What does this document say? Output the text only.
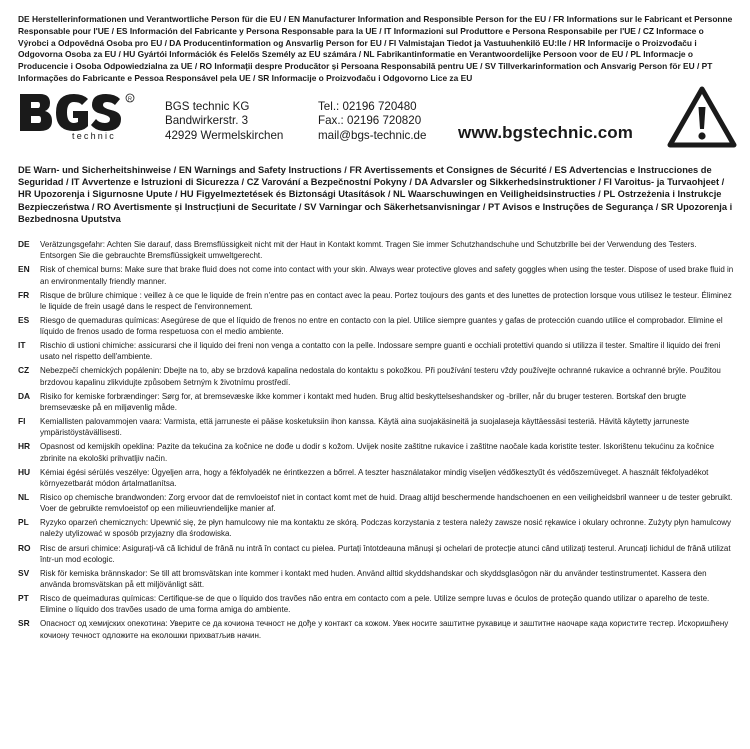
DE Herstellerinformationen und Verantwortliche Person für die EU / EN Manufacturer Information and Responsible Person for the EU / FR Informations sur le Fabricant et Personne Responsable pour l'UE / ES Información del Fabricante y Persona Responsable para la UE / IT Informazioni sul Produttore e Persona Responsabile per l'UE / CZ Informace o Výrobci a Odpovědná Osoba pro EU / DA Producentinformation og Ansvarlig Person for EU / FI Valmistajan Tiedot ja Vastuuhenkilö EU:lle / HR Informacije o Proizvođaču i Odgovorna Osoba za EU / HU Gyártói Információk és Felelős Személy az EU számára / NL Fabrikantinformatie en Verantwoordelijke Persoon voor de EU / PL Informacje o Producencie i Osoba Odpowiedzialna za UE / RO Informații despre Producător și Persoana Responsabilă pentru UE / SV Tillverkarinformation och Ansvarig Person för EU / PT Informações do Fabricante e Pessoa Responsável pela UE / SR Informacije o Proizvođaču i Odgovorno Lice za EU
technic
R
BGS technic KG
Bandwirkerstr. 3
42929 Wermelskirchen
Tel.: 02196 720480
Fax.: 02196 720820
mail@bgs-technic.de www.bgstechnic.com
DE Warn- und Sicherheitshinweise / EN Warnings and Safety Instructions / FR Avertissements et Consignes de Sécurité / ES Advertencias e Instrucciones de Seguridad / IT Avvertenze e Istruzioni di Sicurezza / CZ Varování a Bezpečnostní Pokyny / DA Advarsler og Sikkerhedsinstruktioner / FI Varoitus- ja Turvaohjeet / HR Upozorenja i Sigurnosne Upute / HU Figyelmeztetések és Biztonsági Utasítások / NL Waarschuwingen en Veiligheidsinstructies / PL Ostrzeżenia i Instrukcje Bezpieczeństwa / RO Avertismente și Instrucțiuni de Securitate / SV Varningar och Säkerhetsanvisningar / PT Avisos e Instruções de Segurança / SR Upozorenja i Bezbednosna Uputstva
DE	Verätzungsgefahr: Achten Sie darauf, dass Bremsflüssigkeit nicht mit der Haut in Kontakt kommt. Tragen Sie immer Schutzhandschuhe und Schutzbrille bei der Verwendung des Testers. Entsorgen Sie die gebrauchte Bremsflüssigkeit umweltgerecht.
EN	Risk of chemical burns: Make sure that brake fluid does not come into contact with your skin. Always wear protective gloves and safety goggles when using the tester. Dispose of used brake fluid in an environmentally friendly manner.
FR	Risque de brûlure chimique : veillez à ce que le liquide de frein n'entre pas en contact avec la peau. Portez toujours des gants et des lunettes de protection lorsque vous utilisez le testeur. Éliminez le liquide de frein usagé dans le respect de l'environnement.
ES	Riesgo de quemaduras químicas: Asegúrese de que el líquido de frenos no entre en contacto con la piel. Utilice siempre guantes y gafas de protección cuando utilice el comprobador. Elimine el líquido de frenos usado de forma respetuosa con el medio ambiente.
IT	Rischio di ustioni chimiche: assicurarsi che il liquido dei freni non venga a contatto con la pelle. Indossare sempre guanti e occhiali protettivi quando si utilizza il tester. Smaltire il liquido dei freni usato nel rispetto dell'ambiente.
CZ	Nebezpečí chemických popálenin: Dbejte na to, aby se brzdová kapalina nedostala do kontaktu s pokožkou. Při používání testeru vždy používejte ochranné rukavice a ochranné brýle. Použitou brzdovou kapalinu zlikvidujte způsobem šetrným k životnímu prostředí.
DA	Risiko for kemiske forbrændinger: Sørg for, at bremsevæske ikke kommer i kontakt med huden. Brug altid beskyttelseshandsker og -briller, når du bruger testeren. Bortskaf den brugte bremsevæske på en miljøvenlig måde.
FI	Kemiallisten palovammojen vaara: Varmista, että jarruneste ei pääse kosketuksiin ihon kanssa. Käytä aina suojakäsineitä ja suojalaseja käyttäessäsi testeriä. Hävitä käytetty jarruneste ympäristöystävällisesti.
HR	Opasnost od kemijskih opeklina: Pazite da tekućina za kočnice ne dođe u dodir s kožom. Uvijek nosite zaštitne rukavice i zaštitne naočale kada koristite tester. Iskorištenu tekućinu za kočnice zbrinite na ekološki prihvatljiv način.
HU	Kémiai égési sérülés veszélye: Ügyeljen arra, hogy a fékfolyadék ne érintkezzen a bőrrel. A teszter használatakor mindig viseljen védőkesztyűt és védőszemüveget. A használt fékfolyadékot környezetbarát módon ártalmatlanítsa.
NL	Risico op chemische brandwonden: Zorg ervoor dat de remvloeistof niet in contact komt met de huid. Draag altijd beschermende handschoenen en een veiligheidsbril wanneer u de tester gebruikt. Voer de gebruikte remvloeistof op een milieuvriendelijke manier af.
PL	Ryzyko oparzeń chemicznych: Upewnić się, że płyn hamulcowy nie ma kontaktu ze skórą. Podczas korzystania z testera należy zawsze nosić rękawice i okulary ochronne. Zużyty płyn hamulcowy należy utylizować w sposób przyjazny dla środowiska.
RO	Risc de arsuri chimice: Asigurați-vă că lichidul de frână nu intră în contact cu pielea. Purtați întotdeauna mănuși și ochelari de protecție atunci când utilizați testerul. Aruncați lichidul de frână utilizat într-un mod ecologic.
SV	Risk för kemiska brännskador: Se till att bromsvätskan inte kommer i kontakt med huden. Använd alltid skyddshandskar och skyddsglasögon när du använder testinstrumentet. Kassera den använda bromsvätskan på ett miljövänligt sätt.
PT	Risco de queimaduras químicas: Certifique-se de que o líquido dos travões não entra em contacto com a pele. Utilize sempre luvas e óculos de proteção quando utilizar o aparelho de teste. Elimine o líquido dos travões usado de uma forma amiga do ambiente.
SR	Опасност од хемијских опекотина: Уверите се да кочиона течност не дође у контакт са кожом. Увек носите заштитне рукавице и заштитне наочаре када користите тестер. Искоришћену кочиону течност одложите на еколошки прихватљив начин.
